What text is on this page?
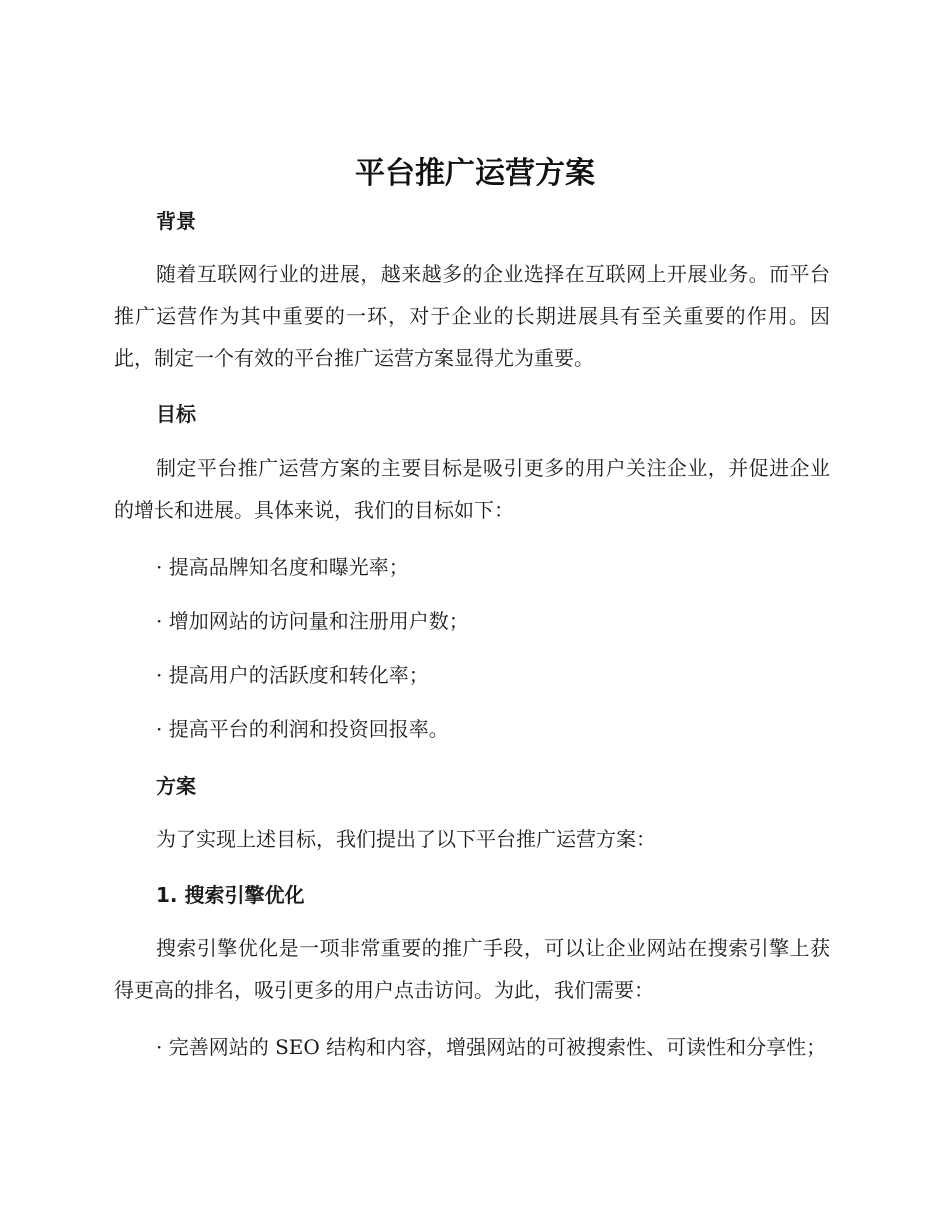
平台推广运营方案
背景
随着互联网行业的进展，越来越多的企业选择在互联网上开展业务。而平台推广运营作为其中重要的一环，对于企业的长期进展具有至关重要的作用。因此，制定一个有效的平台推广运营方案显得尤为重要。
目标
制定平台推广运营方案的主要目标是吸引更多的用户关注企业，并促进企业的增长和进展。具体来说，我们的目标如下：
· 提高品牌知名度和曝光率；
· 增加网站的访问量和注册用户数；
· 提高用户的活跃度和转化率；
· 提高平台的利润和投资回报率。
方案
为了实现上述目标，我们提出了以下平台推广运营方案：
1. 搜索引擎优化
搜索引擎优化是一项非常重要的推广手段，可以让企业网站在搜索引擎上获得更高的排名，吸引更多的用户点击访问。为此，我们需要：
· 完善网站的 SEO 结构和内容，增强网站的可被搜索性、可读性和分享性；
